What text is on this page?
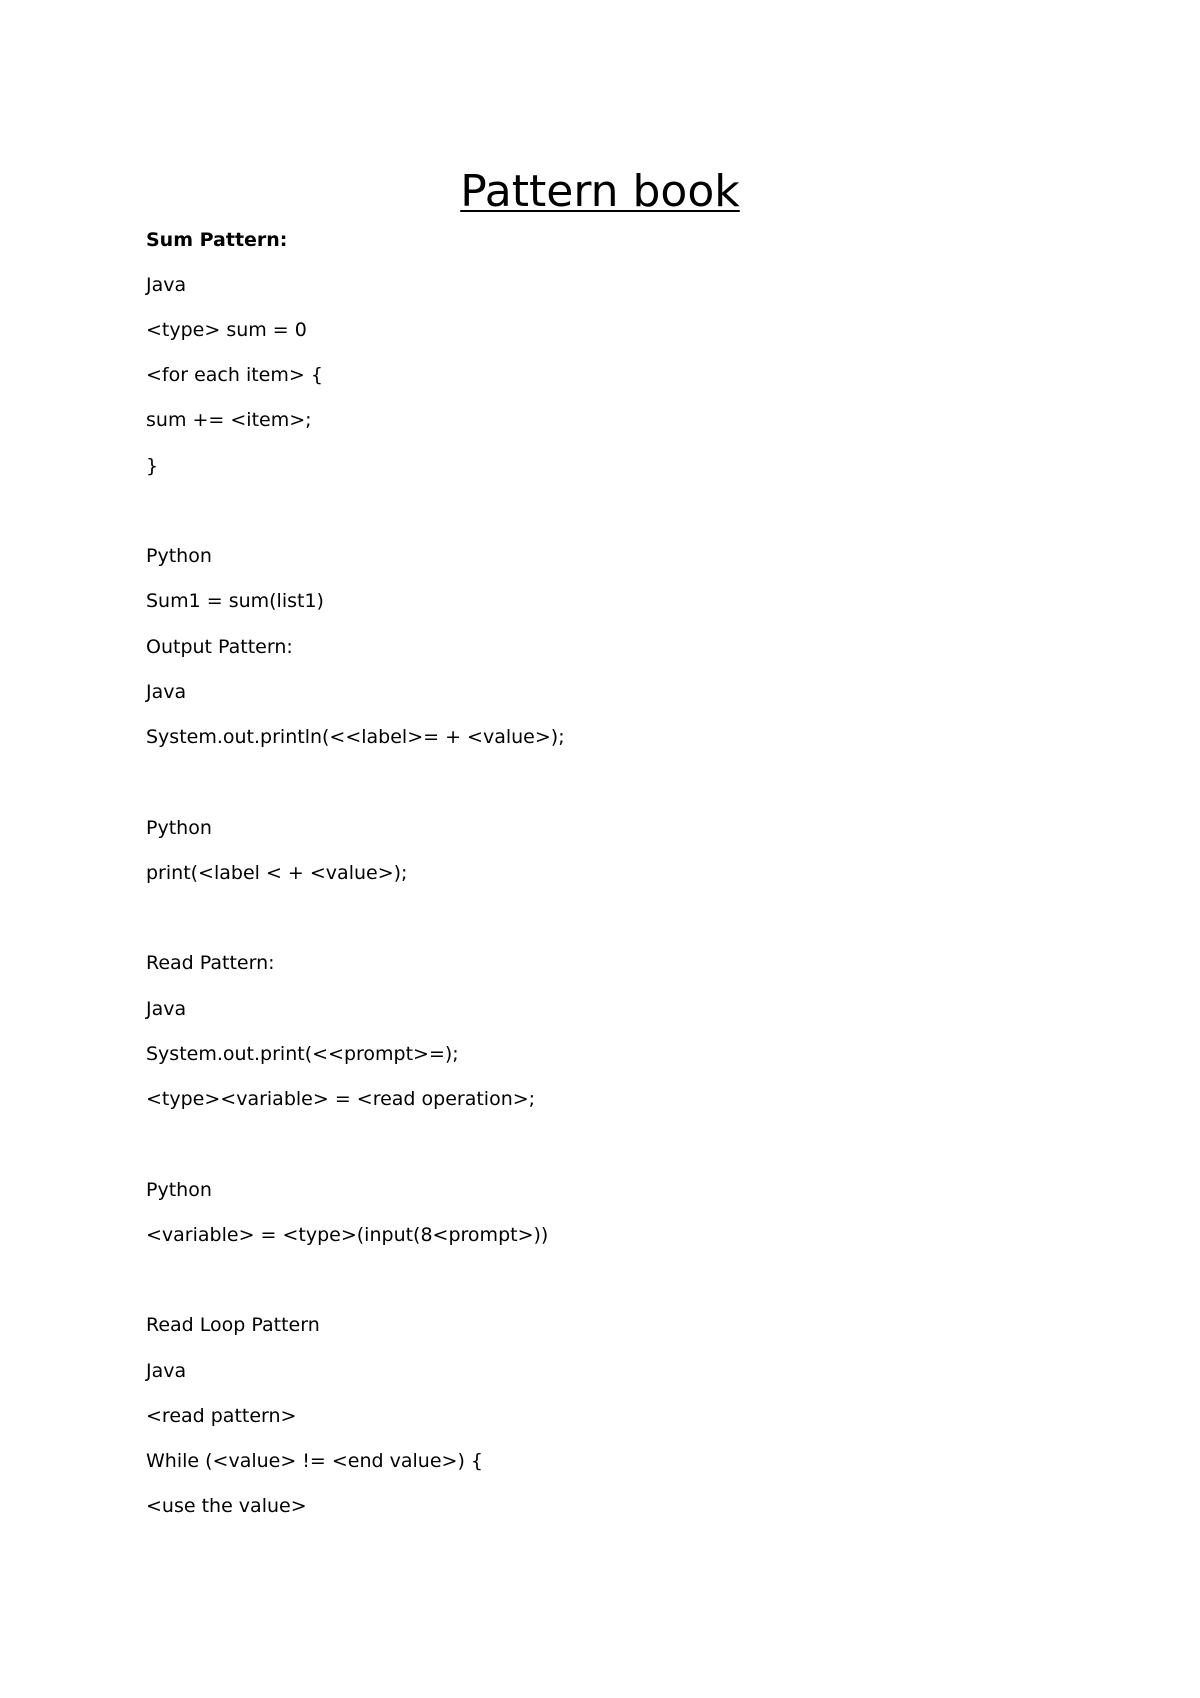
Pattern book
Sum Pattern:
Java
<type> sum = 0
<for each item> {
sum += <item>;
}
Python
Sum1 = sum(list1)
Output Pattern:
Java
System.out.println(<<label>= + <value>);
Python
print(<label < + <value>);
Read Pattern:
Java
System.out.print(<<prompt>=);
<type><variable> = <read operation>;
Python
<variable> = <type>(input(8<prompt>))
Read Loop Pattern
Java
<read pattern>
While (<value> != <end value>) {
<use the value>
